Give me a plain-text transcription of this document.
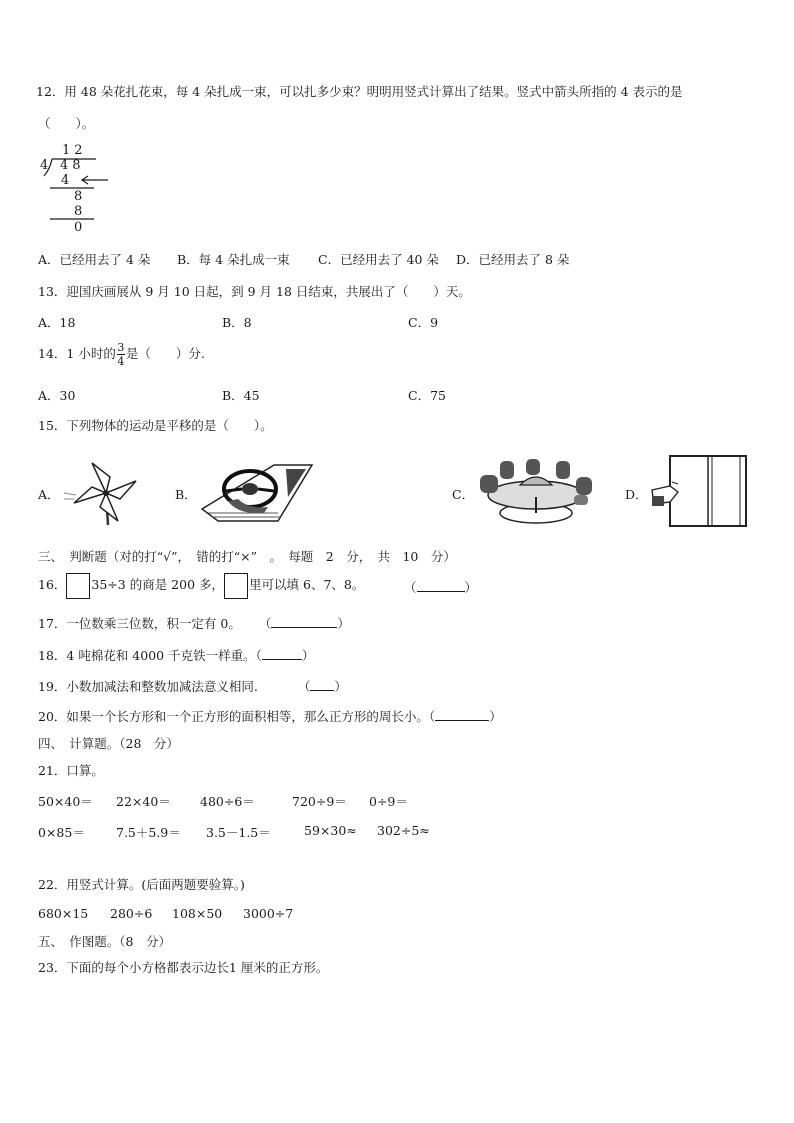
12．用 48 朵花扎花束，每 4 朵扎成一束，可以扎多少束？明明用竖式计算出了结果。竖式中箭头所指的 4 表示的是
（　　）。
12
4 48
4
8
8
0
A．已经用去了 4 朵 B．每 4 朵扎成一束 C．已经用去了 40 朵 D．已经用去了 8 朵
13．迎国庆画展从 9 月 10 日起，到 9 月 18 日结束，共展出了（　　）天。
A．18	B．8	C．9
14．1 小时的 $\frac{3}{4}$ 是（　　）分.
A．30	B．45	C．75
15．下列物体的运动是平移的是（　　）。
A．	B．	C．	D．
三、　判断题（对的打“√”，　错的打“×”　。　每题　2　分，　共　10　分）
16． 35÷3 的商是 200 多， 里可以填 6、7、8。	（	）
17．一位数乘三位数，积一定有 0。 （	）
18．4 吨棉花和 4000 千克铁一样重。（	）
19．小数加减法和整数加减法意义相同.	（ ）
20．如果一个长方形和一个正方形的面积相等，那么正方形的周长小。（	）
四、　计算题。（28　分）
21．口算。
50×40＝ 22×40＝ 480÷6＝	720÷9＝ 0÷9＝
0×85＝ 7.5＋5.9＝ 3.5－1.5＝	59×30≈ 302÷5≈
22．用竖式计算。(后面两题要验算。)
680×15 280÷6 108×50 3000÷7
五、　作图题。（8　分）
23．下面的每个小方格都表示边长1 厘米的正方形。
